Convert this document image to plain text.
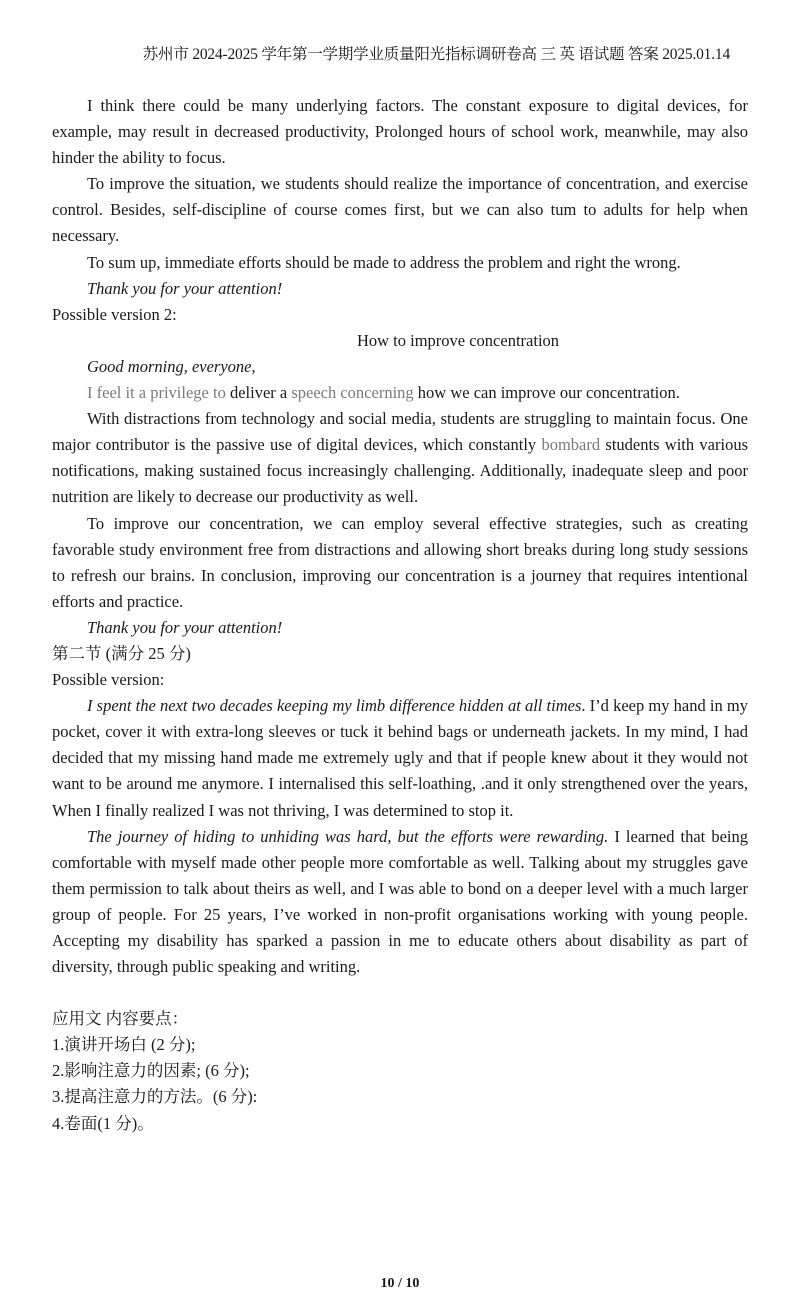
苏州市 2024-2025 学年第一学期学业质量阳光指标调研卷高 三 英 语试题 答案 2025.01.14

I think there could be many underlying factors. The constant exposure to digital devices, for example, may result in decreased productivity, Prolonged hours of school work, meanwhile, may also hinder the ability to focus.

To improve the situation, we students should realize the importance of concentration, and exercise control. Besides, self-discipline of course comes first, but we can also tum to adults for help when necessary.

To sum up, immediate efforts should be made to address the problem and right the wrong.

Thank you for your attention!

Possible version 2:

How to improve concentration

Good morning, everyone,

I feel it a privilege to deliver a speech concerning how we can improve our concentration.

With distractions from technology and social media, students are struggling to maintain focus. One major contributor is the passive use of digital devices, which constantly bombard students with various notifications, making sustained focus increasingly challenging. Additionally, inadequate sleep and poor nutrition are likely to decrease our productivity as well.

To improve our concentration, we can employ several effective strategies, such as creating favorable study environment free from distractions and allowing short breaks during long study sessions to refresh our brains. In conclusion, improving our concentration is a journey that requires intentional efforts and practice.

Thank you for your attention!

第二节 (满分 25 分)

Possible version:

I spent the next two decades keeping my limb difference hidden at all times. I’d keep my hand in my pocket, cover it with extra-long sleeves or tuck it behind bags or underneath jackets. In my mind, I had decided that my missing hand made me extremely ugly and that if people knew about it they would not want to be around me anymore. I internalised this self-loathing, .and it only strengthened over the years, When I finally realized I was not thriving, I was determined to stop it.

The journey of hiding to unhiding was hard, but the efforts were rewarding. I learned that being comfortable with myself made other people more comfortable as well. Talking about my struggles gave them permission to talk about theirs as well, and I was able to bond on a deeper level with a much larger group of people. For 25 years, I’ve worked in non-profit organisations working with young people. Accepting my disability has sparked a passion in me to educate others about disability as part of diversity, through public speaking and writing.

应用文 内容要点：

1.演讲开场白 (2 分);

2.影响注意力的因素; (6 分);

3.提高注意力的方法。(6 分):

4.卷面(1 分)。

10 / 10
